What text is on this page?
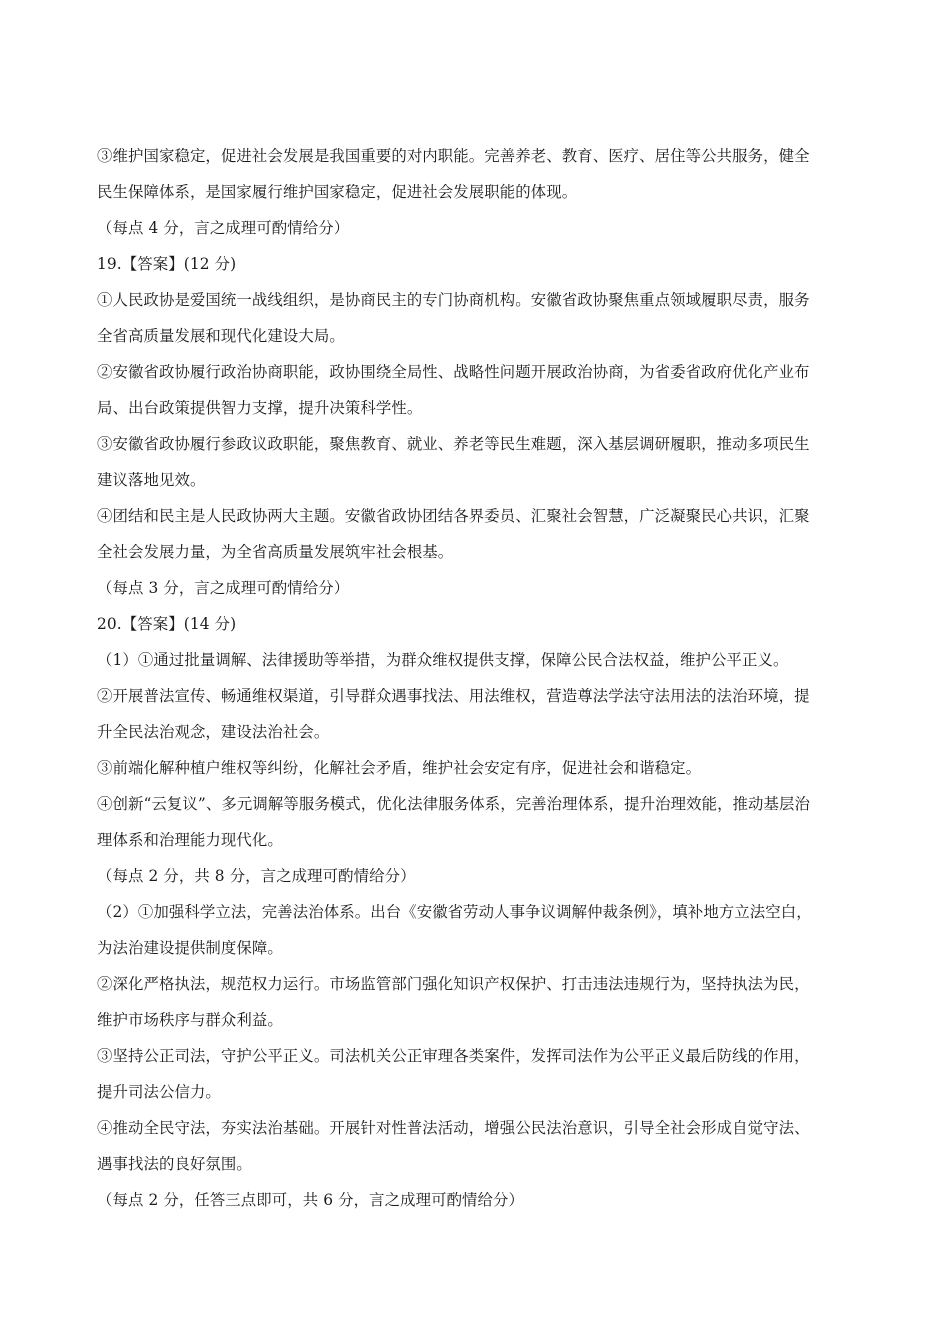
③维护国家稳定，促进社会发展是我国重要的对内职能。完善养老、教育、医疗、居住等公共服务，健全
民生保障体系，是国家履行维护国家稳定，促进社会发展职能的体现。
（每点 4 分，言之成理可酌情给分）
19.【答案】(12 分)
①人民政协是爱国统一战线组织，是协商民主的专门协商机构。安徽省政协聚焦重点领域履职尽责，服务
全省高质量发展和现代化建设大局。
②安徽省政协履行政治协商职能，政协围绕全局性、战略性问题开展政治协商，为省委省政府优化产业布
局、出台政策提供智力支撑，提升决策科学性。
③安徽省政协履行参政议政职能，聚焦教育、就业、养老等民生难题，深入基层调研履职，推动多项民生
建议落地见效。
④团结和民主是人民政协两大主题。安徽省政协团结各界委员、汇聚社会智慧，广泛凝聚民心共识，汇聚
全社会发展力量，为全省高质量发展筑牢社会根基。
（每点 3 分，言之成理可酌情给分）
20.【答案】(14 分)
（1）①通过批量调解、法律援助等举措，为群众维权提供支撑，保障公民合法权益，维护公平正义。
②开展普法宣传、畅通维权渠道，引导群众遇事找法、用法维权，营造尊法学法守法用法的法治环境，提
升全民法治观念，建设法治社会。
③前端化解种植户维权等纠纷，化解社会矛盾，维护社会安定有序，促进社会和谐稳定。
④创新“云复议”、多元调解等服务模式，优化法律服务体系，完善治理体系，提升治理效能，推动基层治
理体系和治理能力现代化。
（每点 2 分，共 8 分，言之成理可酌情给分）
（2）①加强科学立法，完善法治体系。出台《安徽省劳动人事争议调解仲裁条例》，填补地方立法空白，
为法治建设提供制度保障。
②深化严格执法，规范权力运行。市场监管部门强化知识产权保护、打击违法违规行为，坚持执法为民，
维护市场秩序与群众利益。
③坚持公正司法，守护公平正义。司法机关公正审理各类案件，发挥司法作为公平正义最后防线的作用，
提升司法公信力。
④推动全民守法，夯实法治基础。开展针对性普法活动，增强公民法治意识，引导全社会形成自觉守法、
遇事找法的良好氛围。
（每点 2 分，任答三点即可，共 6 分，言之成理可酌情给分）
